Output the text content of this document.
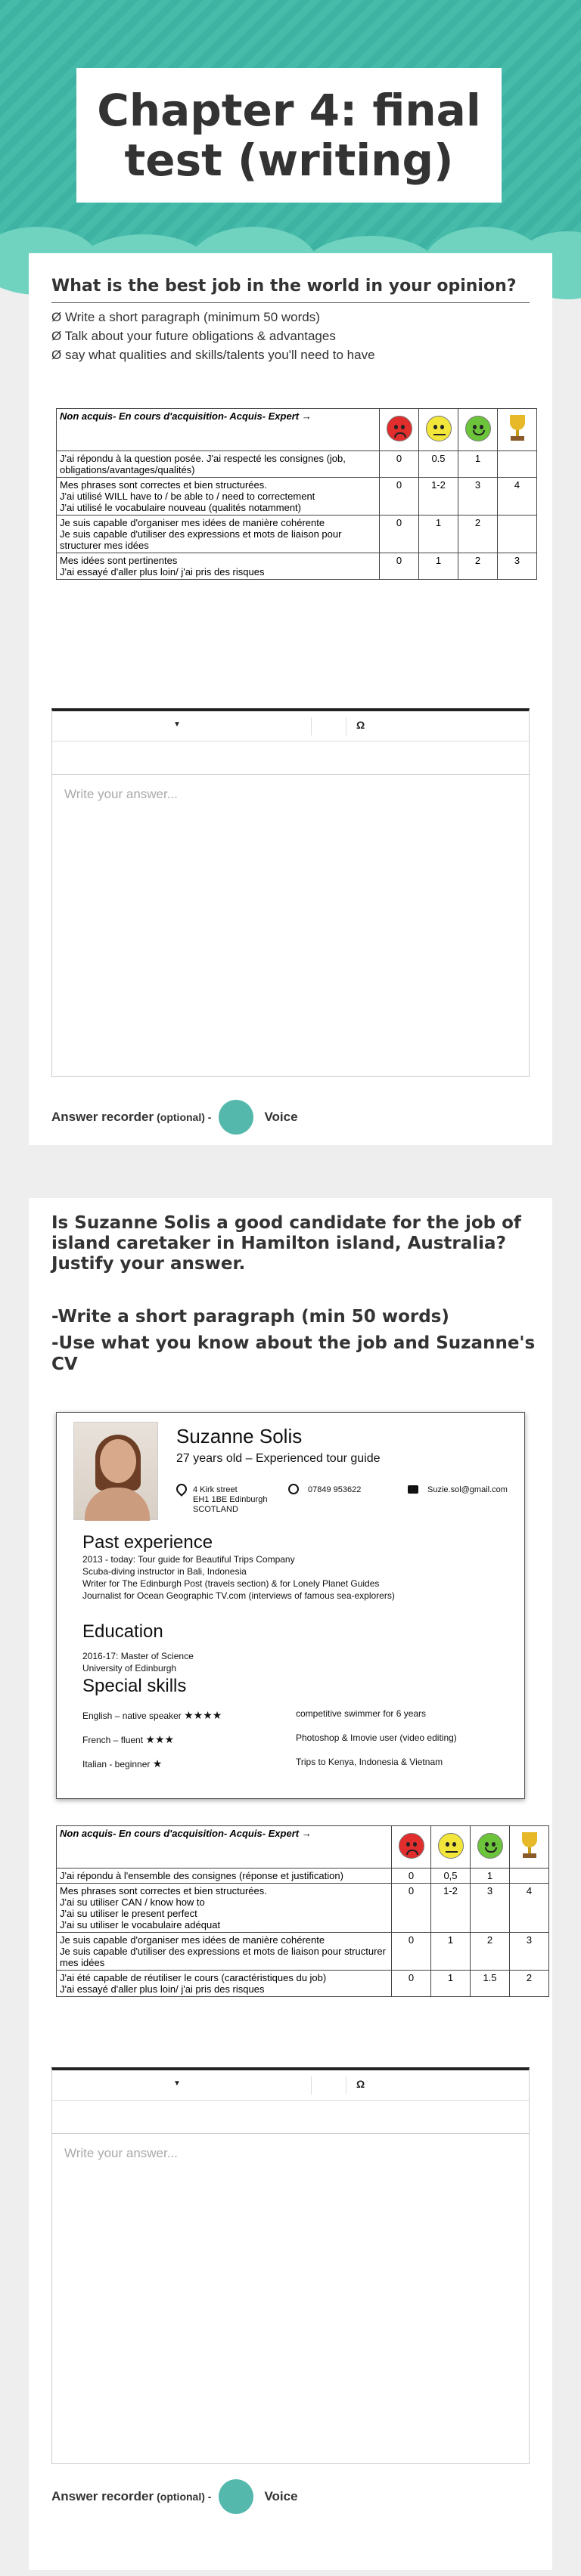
Chapter 4: final test (writing)
What is the best job in the world in your opinion?
Ø Write a short paragraph (minimum 50 words)
Ø Talk about your future obligations & advantages
Ø say what qualities and skills/talents you'll need to have
Non acquis- En cours d'acquisition- Acquis- Expert →	

J'ai répondu à la question posée. J'ai respecté les consignes (job, obligations/avantages/qualités)	0	0.5	1	

Mes phrases sont correctes et bien structurées.
J'ai utilisé WILL have to / be able to / need to correctement
J'ai utilisé le vocabulaire nouveau (qualités notamment)	0	1-2	3	4

Je suis capable d'organiser mes idées de manière cohérente
Je suis capable d'utiliser des expressions et mots de liaison pour structurer mes idées	0	1	2	

Mes idées sont pertinentes
J'ai essayé d'aller plus loin/ j'ai pris des risques	0	1	2	3
▼	Ω
Write your answer...
Answer recorder (optional) -	Voice
Is Suzanne Solis a good candidate for the job of island caretaker in Hamilton island, Australia? Justify your answer.
-Write a short paragraph (min 50 words)
-Use what you know about the job and Suzanne's CV
Suzanne Solis
27 years old – Experienced tour guide
4 Kirk street
EH1 1BE Edinburgh
SCOTLAND
07849 953622	Suzie.sol@gmail.com
Past experience
2013 - today: Tour guide for Beautiful Trips Company
Scuba-diving instructor in Bali, Indonesia
Writer for The Edinburgh Post (travels section) & for Lonely Planet Guides
Journalist for Ocean Geographic TV.com (interviews of famous sea-explorers)
Education
2016-17: Master of Science
University of Edinburgh
Special skills
English – native speaker ★★★★
French – fluent ★★★
Italian - beginner ★
competitive swimmer for 6 years
Photoshop & Imovie user (video editing)
Trips to Kenya, Indonesia & Vietnam
Non acquis- En cours d'acquisition- Acquis- Expert →	

J'ai répondu à l'ensemble des consignes (réponse et justification)	0	0,5	1	

Mes phrases sont correctes et bien structurées.
J'ai su utiliser CAN / know how to
J'ai su utiliser le present perfect
J'ai su utiliser le vocabulaire adéquat	0	1-2	3	4

Je suis capable d'organiser mes idées de manière cohérente
Je suis capable d'utiliser des expressions et mots de liaison pour structurer mes idées	0	1	2	3

J'ai été capable de réutiliser le cours (caractéristiques du job)
J'ai essayé d'aller plus loin/ j'ai pris des risques	0	1	1.5	2
▼	Ω
Write your answer...
Answer recorder (optional) -	Voice
